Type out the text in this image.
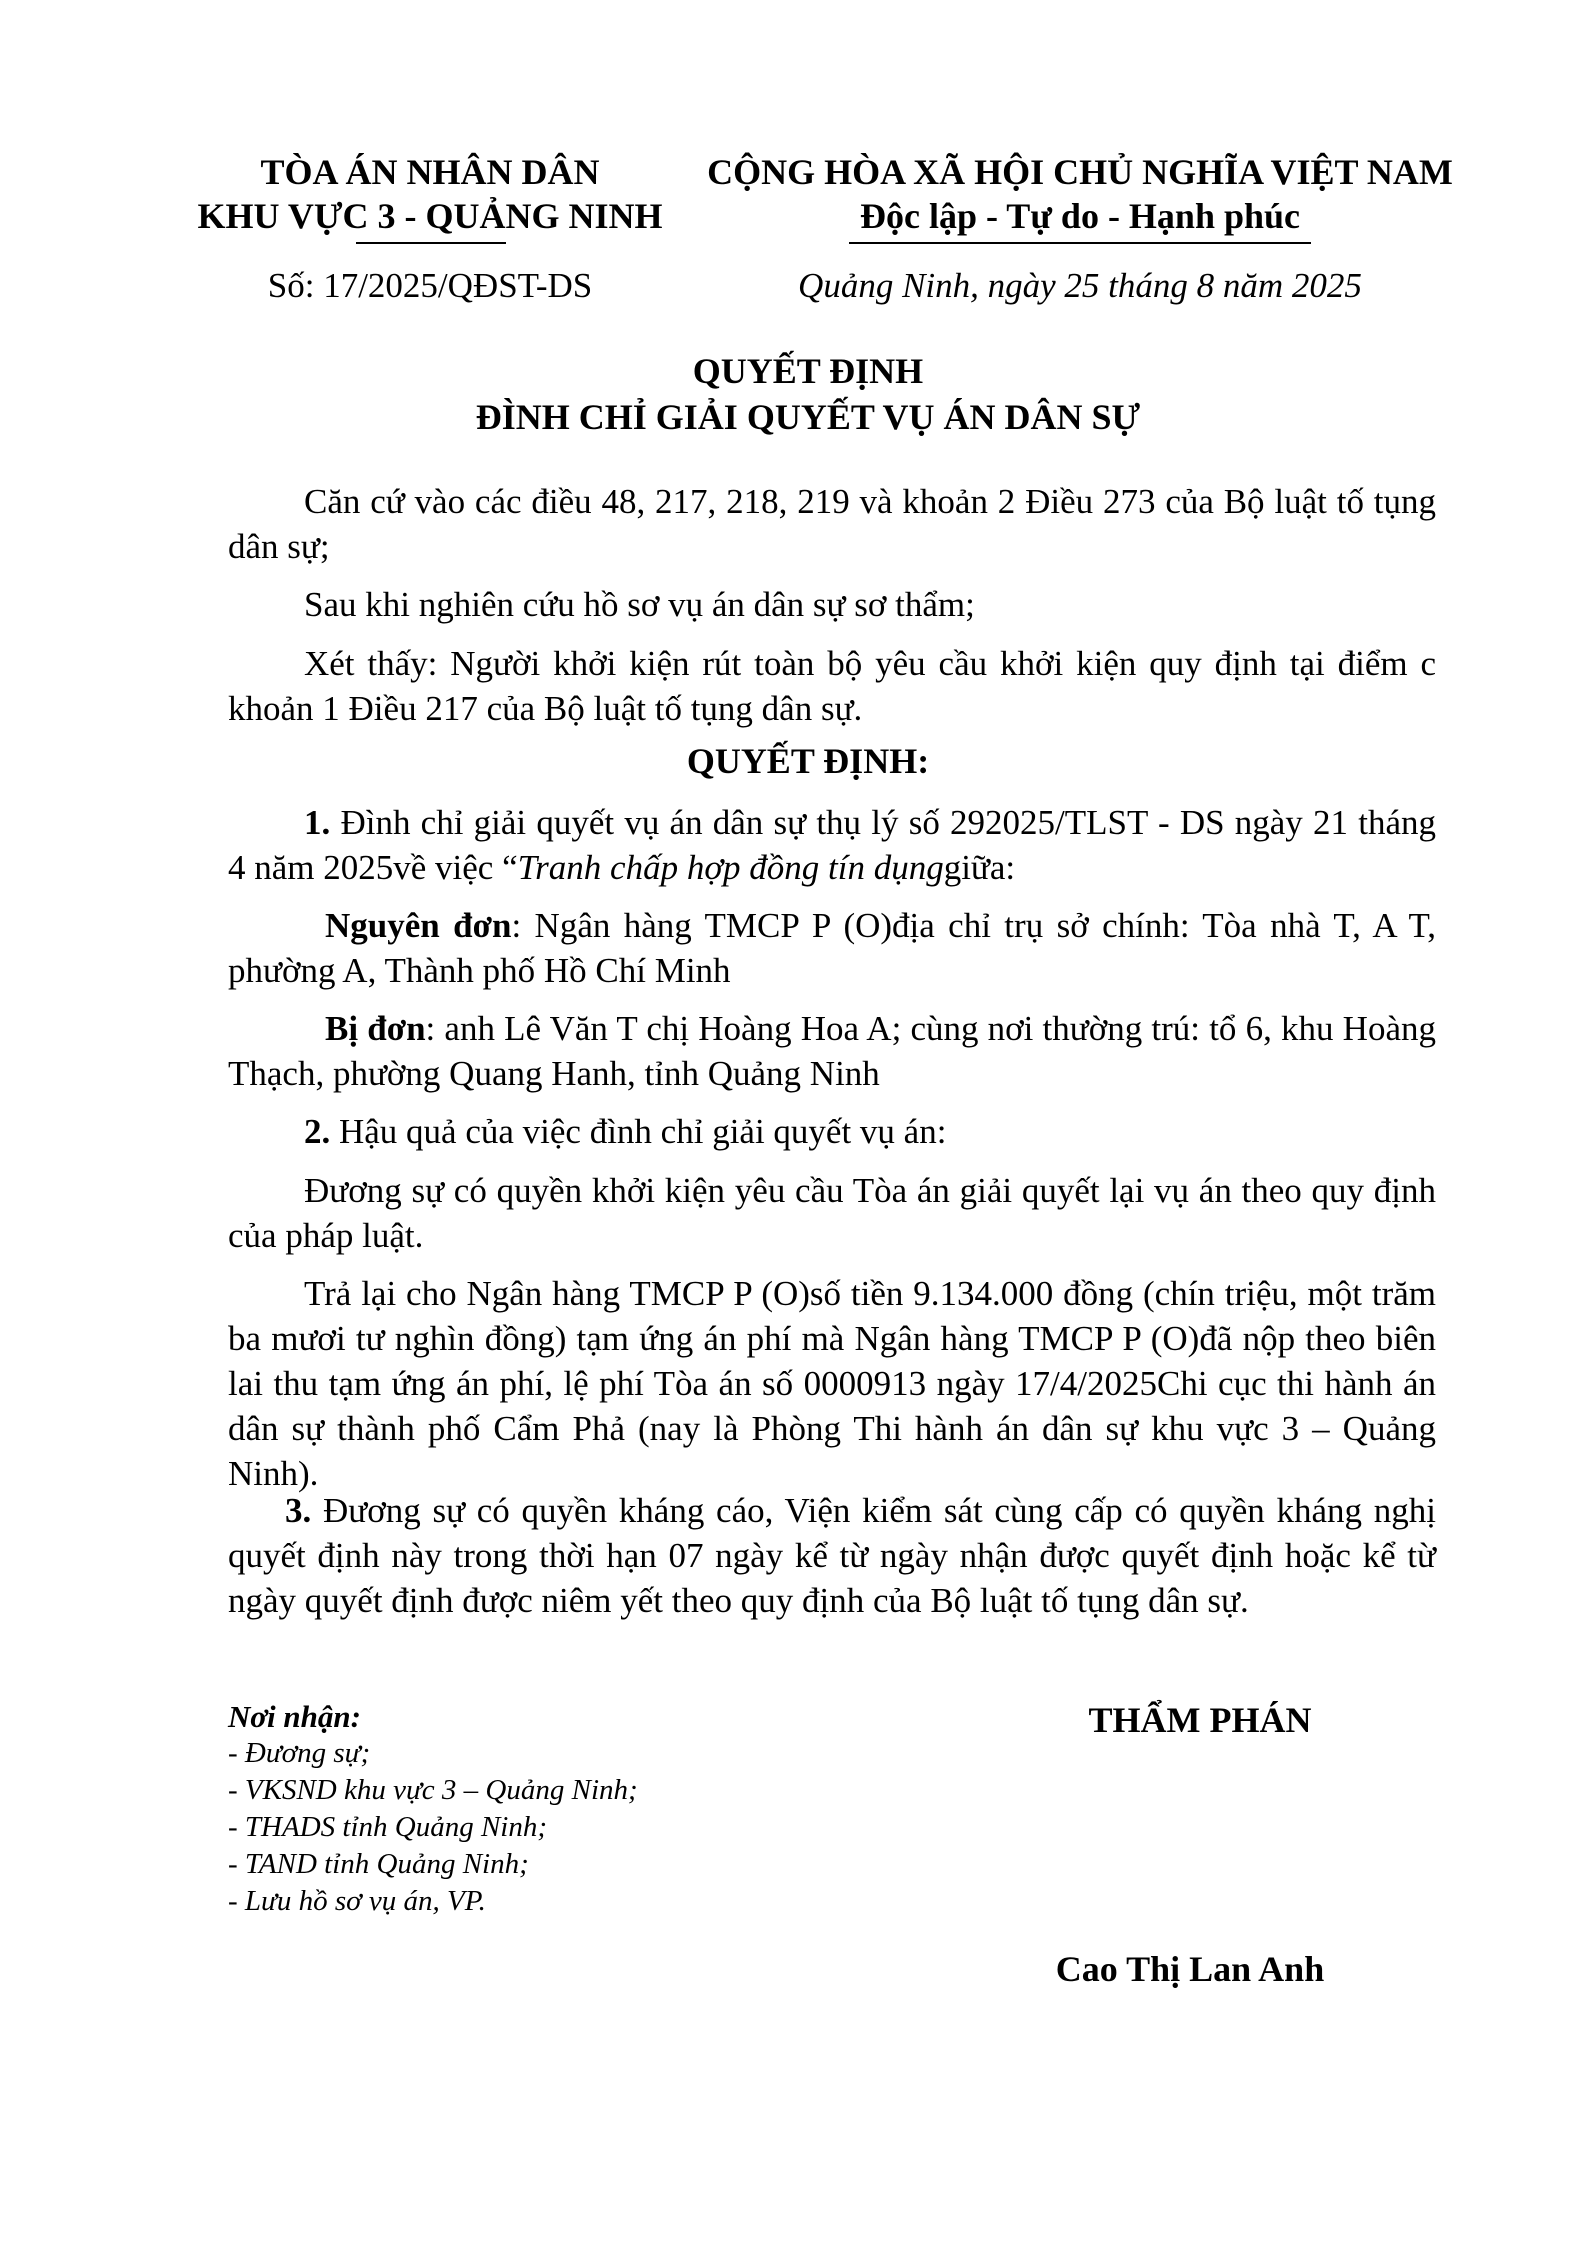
TÒA ÁN NHÂN DÂN
KHU VỰC 3 - QUẢNG NINH
CỘNG HÒA XÃ HỘI CHỦ NGHĨA VIỆT NAM
Độc lập - Tự do - Hạnh phúc
Số: 17/2025/QĐST-DS	Quảng Ninh, ngày 25 tháng 8 năm 2025
QUYẾT ĐỊNH
ĐÌNH CHỈ GIẢI QUYẾT VỤ ÁN DÂN SỰ
Căn cứ vào các điều 48, 217, 218, 219 và khoản 2 Điều 273 của Bộ luật tố tụng dân sự;
Sau khi nghiên cứu hồ sơ vụ án dân sự sơ thẩm;
Xét thấy: Người khởi kiện rút toàn bộ yêu cầu khởi kiện quy định tại điểm c khoản 1 Điều 217 của Bộ luật tố tụng dân sự.
QUYẾT ĐỊNH:
1. Đình chỉ giải quyết vụ án dân sự thụ lý số 292025/TLST - DS ngày 21 tháng 4 năm 2025về việc “Tranh chấp hợp đồng tín dụnggiữa:
Nguyên đơn: Ngân hàng TMCP P (O)địa chỉ trụ sở chính: Tòa nhà T, A T, phường A, Thành phố Hồ Chí Minh
Bị đơn: anh Lê Văn T chị Hoàng Hoa A; cùng nơi thường trú: tổ 6, khu Hoàng Thạch, phường Quang Hanh, tỉnh Quảng Ninh
2. Hậu quả của việc đình chỉ giải quyết vụ án:
Đương sự có quyền khởi kiện yêu cầu Tòa án giải quyết lại vụ án theo quy định của pháp luật.
Trả lại cho Ngân hàng TMCP P (O)số tiền 9.134.000 đồng (chín triệu, một trăm ba mươi tư nghìn đồng) tạm ứng án phí mà Ngân hàng TMCP P (O)đã nộp theo biên lai thu tạm ứng án phí, lệ phí Tòa án số 0000913 ngày 17/4/2025Chi cục thi hành án dân sự thành phố Cẩm Phả (nay là Phòng Thi hành án dân sự khu vực 3 – Quảng Ninh).
3. Đương sự có quyền kháng cáo, Viện kiểm sát cùng cấp có quyền kháng nghị quyết định này trong thời hạn 07 ngày kể từ ngày nhận được quyết định hoặc kể từ ngày quyết định được niêm yết theo quy định của Bộ luật tố tụng dân sự.
Nơi nhận:
- Đương sự;
- VKSND khu vực 3 – Quảng Ninh;
- THADS tỉnh Quảng Ninh;
- TAND tỉnh Quảng Ninh;
- Lưu hồ sơ vụ án, VP.
THẨM PHÁN
Cao Thị Lan Anh
